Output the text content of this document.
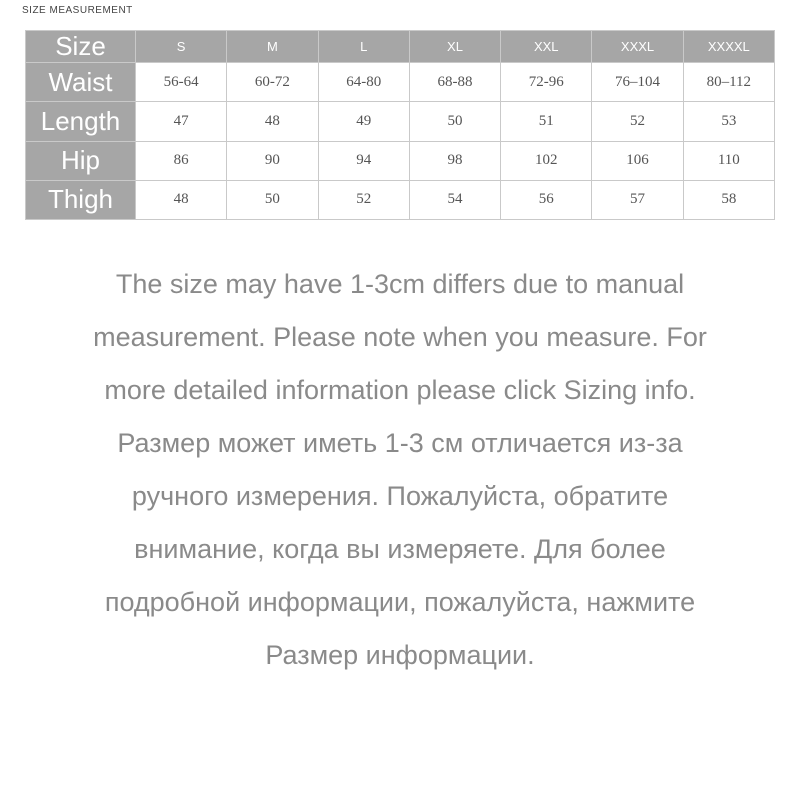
SIZE MEASUREMENT
Size	S	M	L	XL	XXL	XXXL	XXXXL
Waist	56-64	60-72	64-80	68-88	72-96	76–104	80–112
Length	47	48	49	50	51	52	53
Hip	86	90	94	98	102	106	110
Thigh	48	50	52	54	56	57	58

The size may have 1-3cm differs due to manual

measurement. Please note when you measure. For

more detailed information please click Sizing info.

Размер может иметь 1-3 см отличается из-за

ручного измерения. Пожалуйста, обратите

внимание, когда вы измеряете. Для более

подробной информации, пожалуйста, нажмите

Размер информации.
